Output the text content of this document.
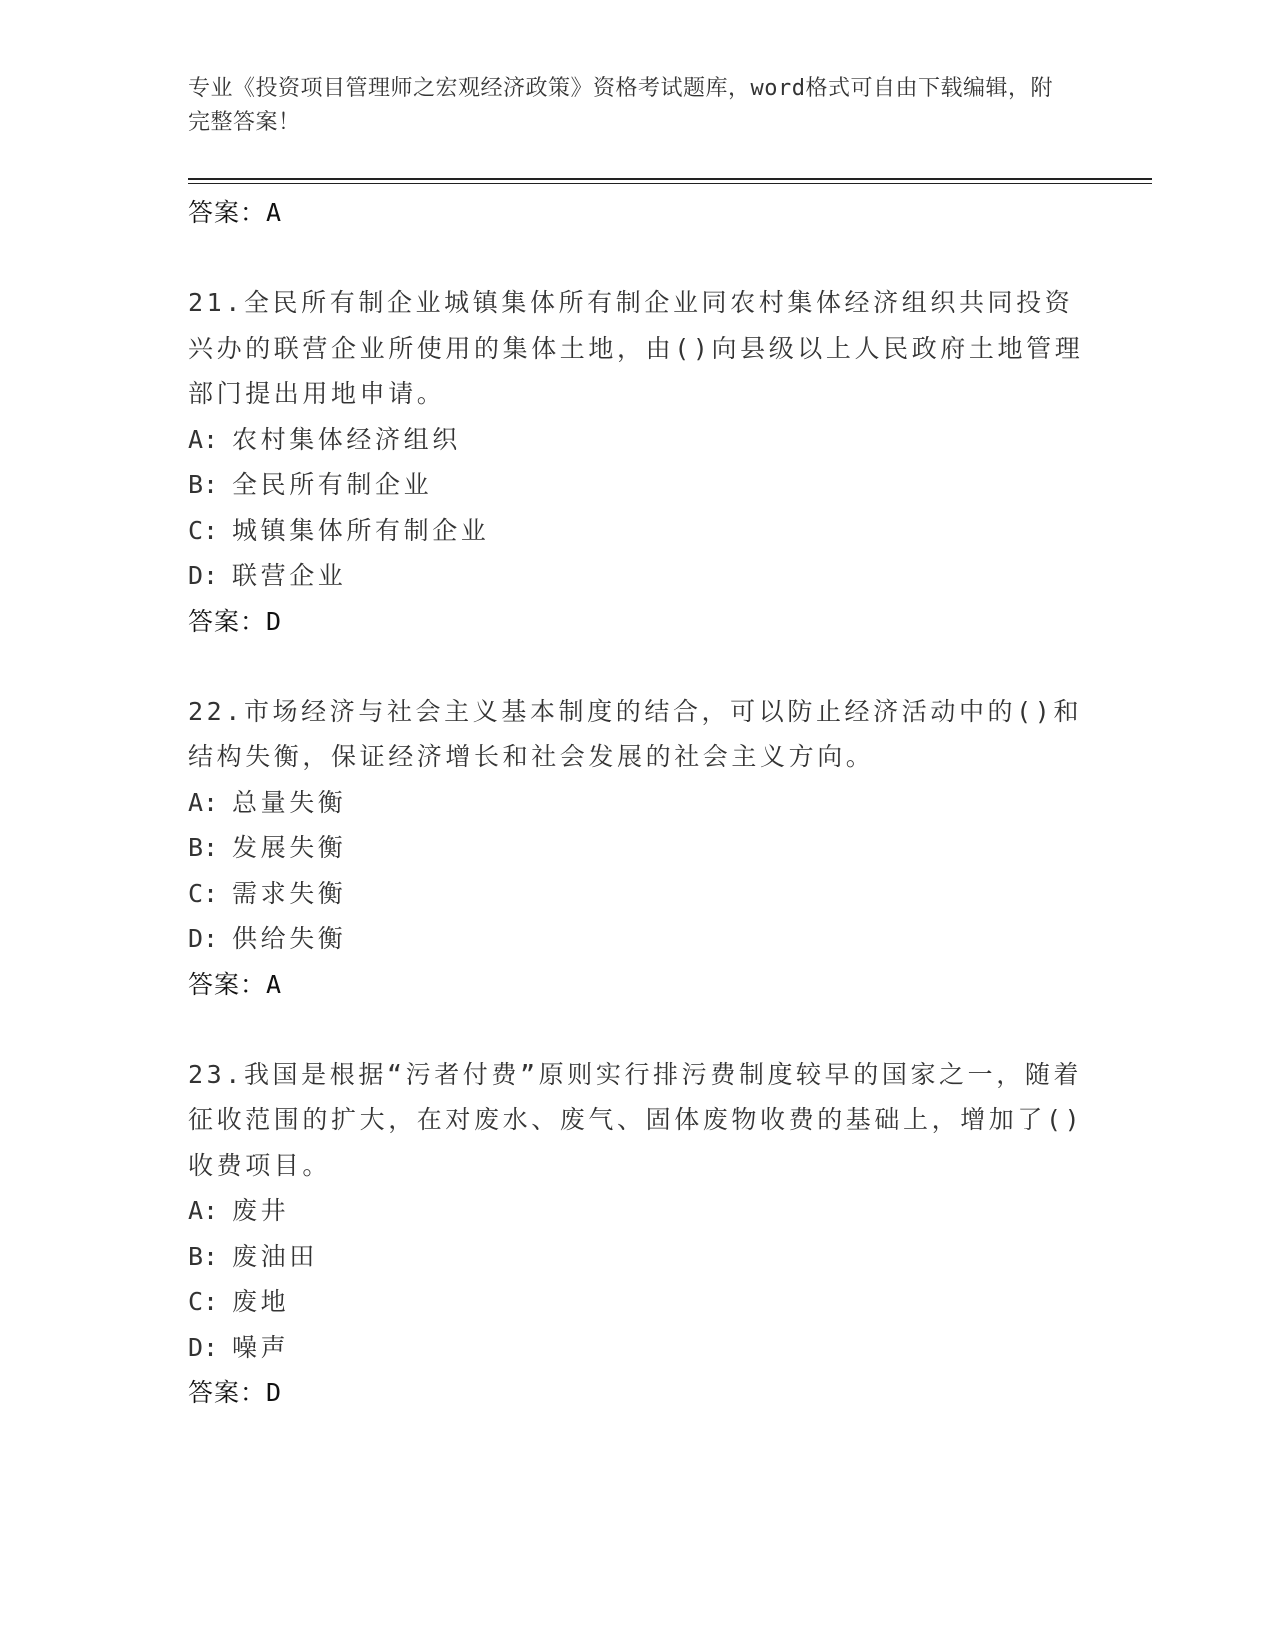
专业《投资项目管理师之宏观经济政策》资格考试题库，word格式可自由下载编辑，附完整答案！
答案：A
21.全民所有制企业城镇集体所有制企业同农村集体经济组织共同投资兴办的联营企业所使用的集体土地，由()向县级以上人民政府土地管理部门提出用地申请。
A: 农村集体经济组织
B: 全民所有制企业
C: 城镇集体所有制企业
D: 联营企业
答案：D
22.市场经济与社会主义基本制度的结合，可以防止经济活动中的()和结构失衡，保证经济增长和社会发展的社会主义方向。
A: 总量失衡
B: 发展失衡
C: 需求失衡
D: 供给失衡
答案：A
23.我国是根据“污者付费”原则实行排污费制度较早的国家之一，随着征收范围的扩大，在对废水、废气、固体废物收费的基础上，增加了()收费项目。
A: 废井
B: 废油田
C: 废地
D: 噪声
答案：D
